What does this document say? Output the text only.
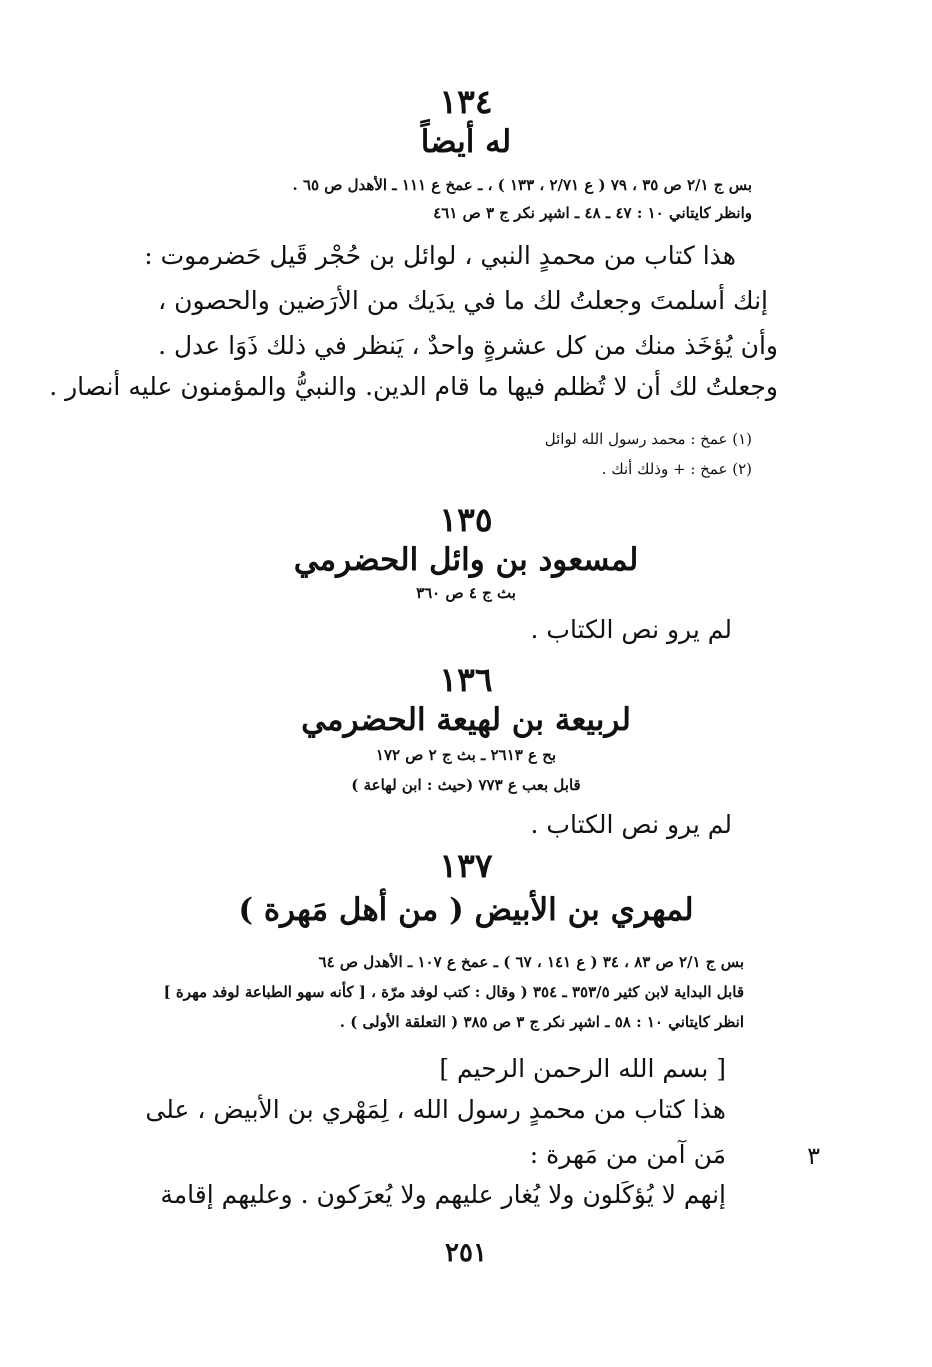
١٣٤
له أيضاً
بس ج ٢/١ ص ٣٥ ، ٧٩ ( ع ٢/٧١ ، ١٣٣ ) ، ـ عمخ ع ١١١ ـ الأهدل ص ٦٥ .
وانظر كايتاني ١٠ : ٤٧ ـ ٤٨ ـ اشپر نكر ج ٣ ص ٤٦١
هذا كتاب من محمدٍ النبي ، لوائل بن حُجْر قَيل حَضرموت :
إنك أسلمتَ وجعلتُ لك ما في يدَيك من الأرَضين والحصون ،
وأن يُؤخَذ منك من كل عشرةٍ واحدٌ ، يَنظر في ذلك ذَوَا عدل .
وجعلتُ لك أن لا تُظلم فيها ما قام الدين. والنبيُّ والمؤمنون عليه أنصار .
(١) عمخ : محمد رسول الله لوائل
(٢) عمخ : + وذلك أنك .
١٣٥
لمسعود بن وائل الحضرمي
بث ج ٤ ص ٣٦٠
لم يرو نص الكتاب .
١٣٦
لربيعة بن لهيعة الحضرمي
بح ع ٢٦١٣ ـ بث ج ٢ ص ١٧٢
قابل بعب ع ٧٧٣ (حيث : ابن لهاعة )
لم يرو نص الكتاب .
١٣٧
لمهري بن الأبيض ( من أهل مَهرة )
بس ج ٢/١ ص ٨٣ ، ٣٤ ( ع ١٤١ ، ٦٧ ) ـ عمخ ع ١٠٧ ـ الأهدل ص ٦٤
قابل البداية لابن كثير ٣٥٣/٥ ـ ٣٥٤ ( وقال : كتب لوفد مرّة ، [ كأنه سهو الطباعة لوفد مهرة ]
انظر كايتاني ١٠ : ٥٨ ـ اشپر نكر ج ٣ ص ٣٨٥ ( التعلقة الأولى ) .
[ بسم الله الرحمن الرحيم ]
هذا كتاب من محمدٍ رسول الله ، لِمَهْري بن الأبيض ، على
٣
مَن آمن من مَهرة :
إنهم لا يُؤكَلون ولا يُغار عليهم ولا يُعرَكون . وعليهم إقامة
٢٥١
